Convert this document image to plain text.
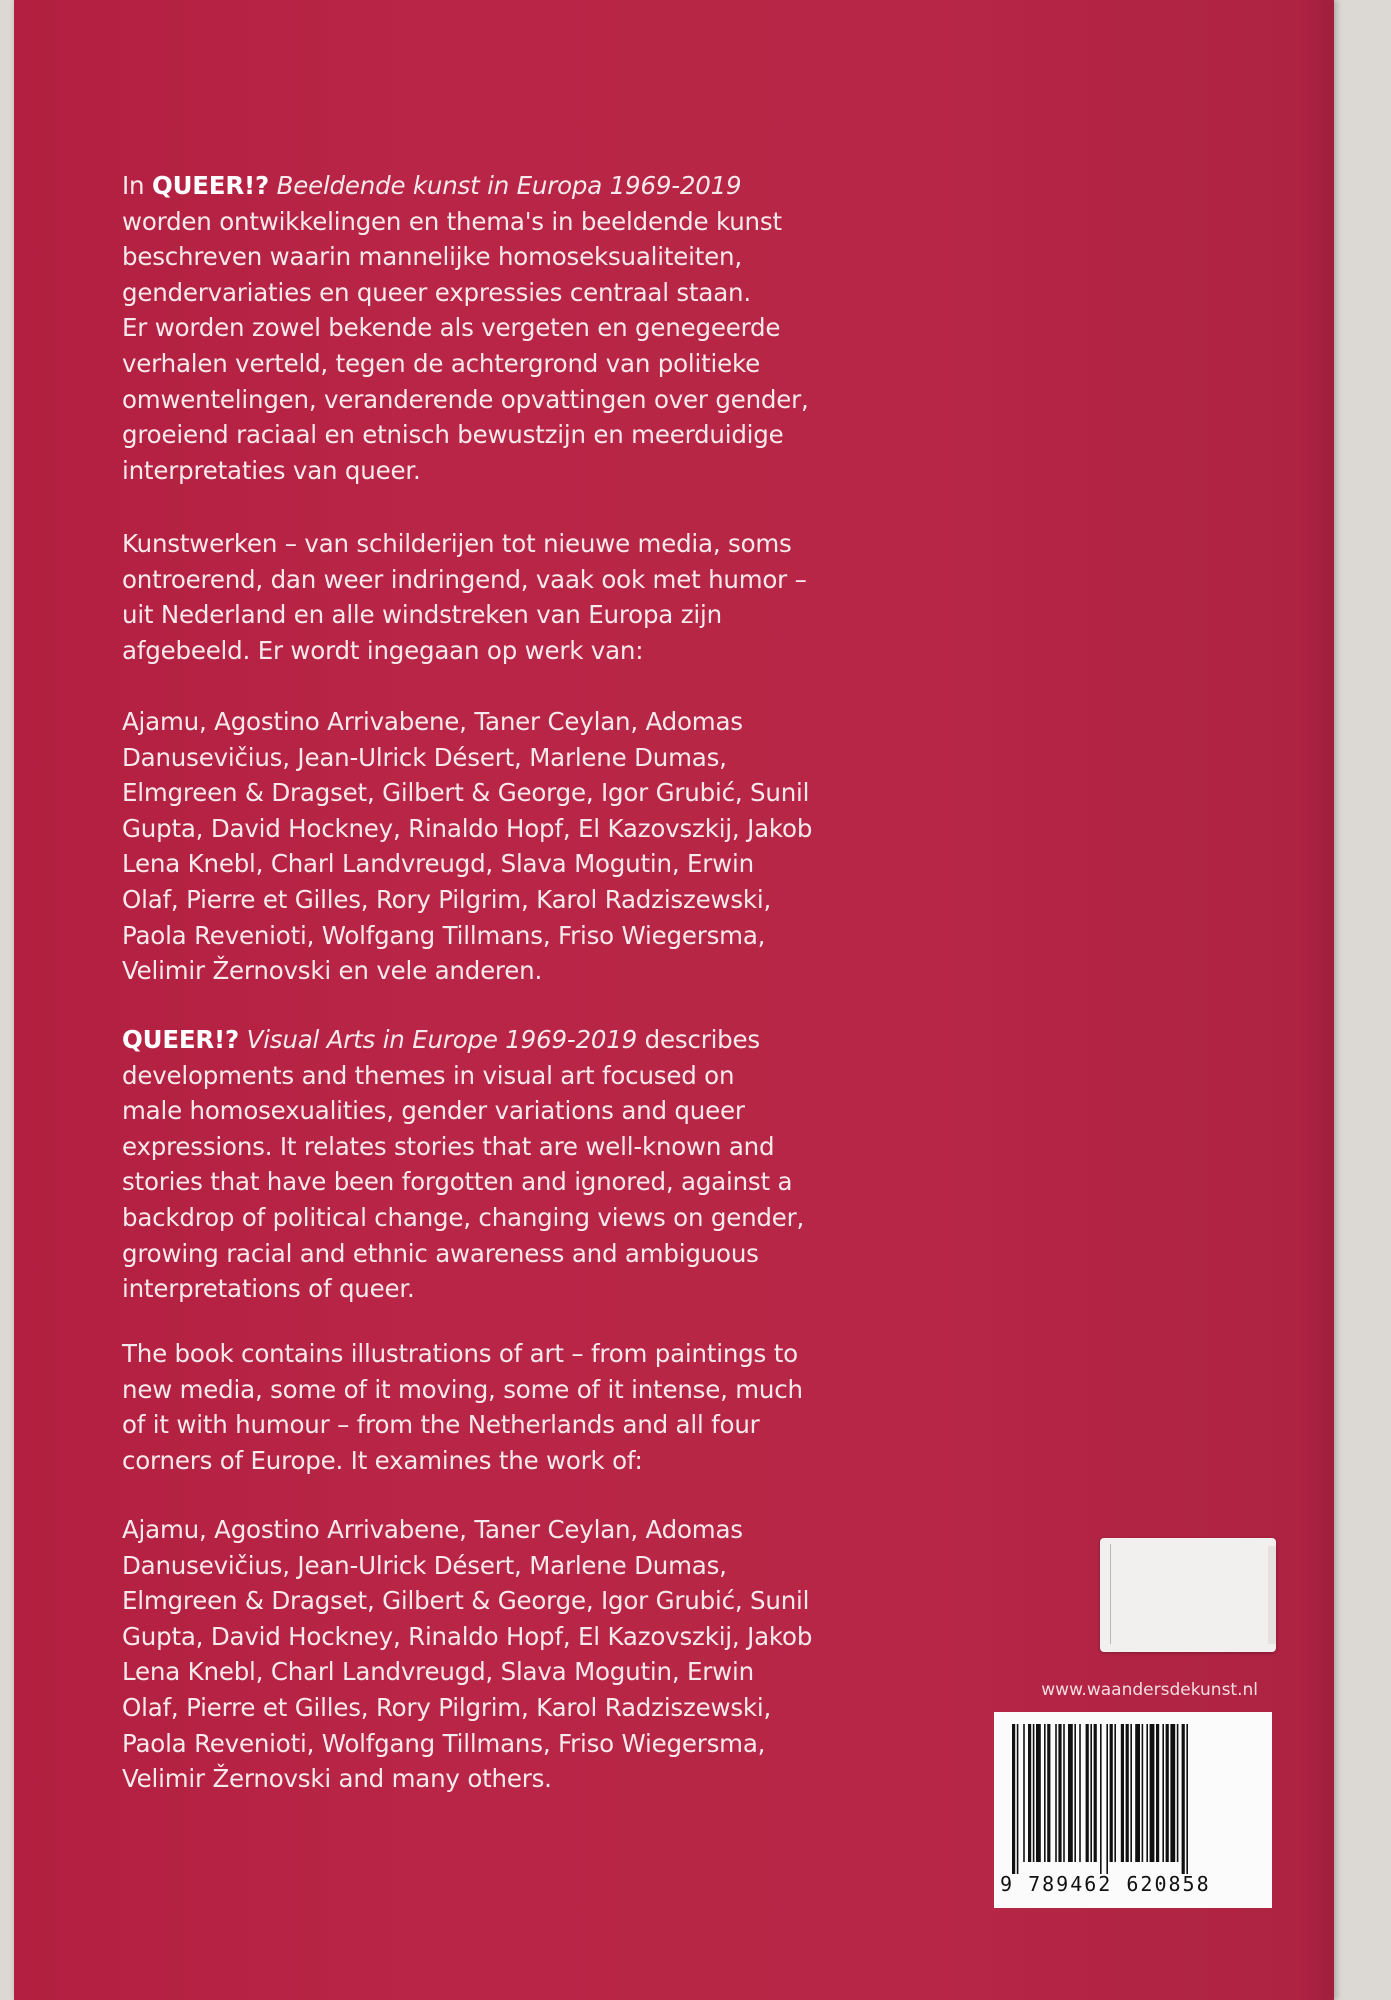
In QUEER!? Beeldende kunst in Europa 1969-2019
worden ontwikkelingen en thema's in beeldende kunst
beschreven waarin mannelijke homoseksualiteiten,
gendervariaties en queer expressies centraal staan.
Er worden zowel bekende als vergeten en genegeerde
verhalen verteld, tegen de achtergrond van politieke
omwentelingen, veranderende opvattingen over gender,
groeiend raciaal en etnisch bewustzijn en meerduidige
interpretaties van queer.
Kunstwerken – van schilderijen tot nieuwe media, soms
ontroerend, dan weer indringend, vaak ook met humor –
uit Nederland en alle windstreken van Europa zijn
afgebeeld. Er wordt ingegaan op werk van:
Ajamu, Agostino Arrivabene, Taner Ceylan, Adomas
Danusevičius, Jean-Ulrick Désert, Marlene Dumas,
Elmgreen & Dragset, Gilbert & George, Igor Grubić, Sunil
Gupta, David Hockney, Rinaldo Hopf, El Kazovszkij, Jakob
Lena Knebl, Charl Landvreugd, Slava Mogutin, Erwin
Olaf, Pierre et Gilles, Rory Pilgrim, Karol Radziszewski,
Paola Revenioti, Wolfgang Tillmans, Friso Wiegersma,
Velimir Žernovski en vele anderen.
QUEER!? Visual Arts in Europe 1969-2019 describes
developments and themes in visual art focused on
male homosexualities, gender variations and queer
expressions. It relates stories that are well-known and
stories that have been forgotten and ignored, against a
backdrop of political change, changing views on gender,
growing racial and ethnic awareness and ambiguous
interpretations of queer.
The book contains illustrations of art – from paintings to
new media, some of it moving, some of it intense, much
of it with humour – from the Netherlands and all four
corners of Europe. It examines the work of:
Ajamu, Agostino Arrivabene, Taner Ceylan, Adomas
Danusevičius, Jean-Ulrick Désert, Marlene Dumas,
Elmgreen & Dragset, Gilbert & George, Igor Grubić, Sunil
Gupta, David Hockney, Rinaldo Hopf, El Kazovszkij, Jakob
Lena Knebl, Charl Landvreugd, Slava Mogutin, Erwin
Olaf, Pierre et Gilles, Rory Pilgrim, Karol Radziszewski,
Paola Revenioti, Wolfgang Tillmans, Friso Wiegersma,
Velimir Žernovski and many others.
www.waandersdekunst.nl
9 789462 620858
